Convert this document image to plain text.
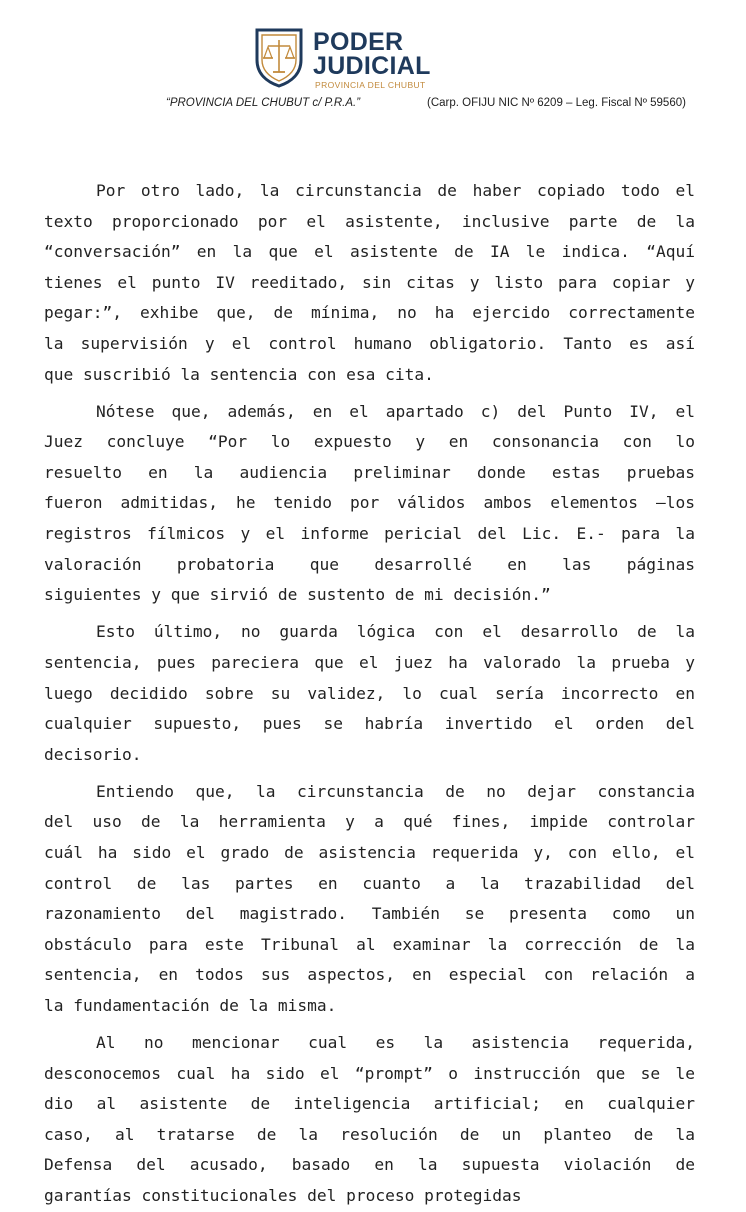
PODER
JUDICIAL
PROVINCIA DEL CHUBUT
“PROVINCIA DEL CHUBUT c/ P.R.A.”	(Carp. OFIJU NIC Nº 6209 – Leg. Fiscal Nº 59560)
Por otro lado, la circunstancia de haber copiado todo el
texto proporcionado por el asistente, inclusive parte de la
“conversación” en la que el asistente de IA le indica. “Aquí
tienes el punto IV reeditado, sin citas y listo para copiar y
pegar:”, exhibe que, de mínima, no ha ejercido correctamente
la supervisión y el control humano obligatorio. Tanto es así
que suscribió la sentencia con esa cita.
Nótese que, además, en el apartado c) del Punto IV, el
Juez concluye “Por lo expuesto y en consonancia con lo
resuelto en la audiencia preliminar donde estas pruebas
fueron admitidas, he tenido por válidos ambos elementos –los
registros fílmicos y el informe pericial del Lic. E.- para la
valoración probatoria que desarrollé en las páginas
siguientes y que sirvió de sustento de mi decisión.”
Esto último, no guarda lógica con el desarrollo de la
sentencia, pues pareciera que el juez ha valorado la prueba y
luego decidido sobre su validez, lo cual sería incorrecto en
cualquier supuesto, pues se habría invertido el orden del
decisorio.
Entiendo que, la circunstancia de no dejar constancia
del uso de la herramienta y a qué fines, impide controlar
cuál ha sido el grado de asistencia requerida y, con ello, el
control de las partes en cuanto a la trazabilidad del
razonamiento del magistrado. También se presenta como un
obstáculo para este Tribunal al examinar la corrección de la
sentencia, en todos sus aspectos, en especial con relación a
la fundamentación de la misma.
Al no mencionar cual es la asistencia requerida,
desconocemos cual ha sido el “prompt” o instrucción que se le
dio al asistente de inteligencia artificial; en cualquier
caso, al tratarse de la resolución de un planteo de la
Defensa del acusado, basado en la supuesta violación de
garantías constitucionales del proceso protegidas
